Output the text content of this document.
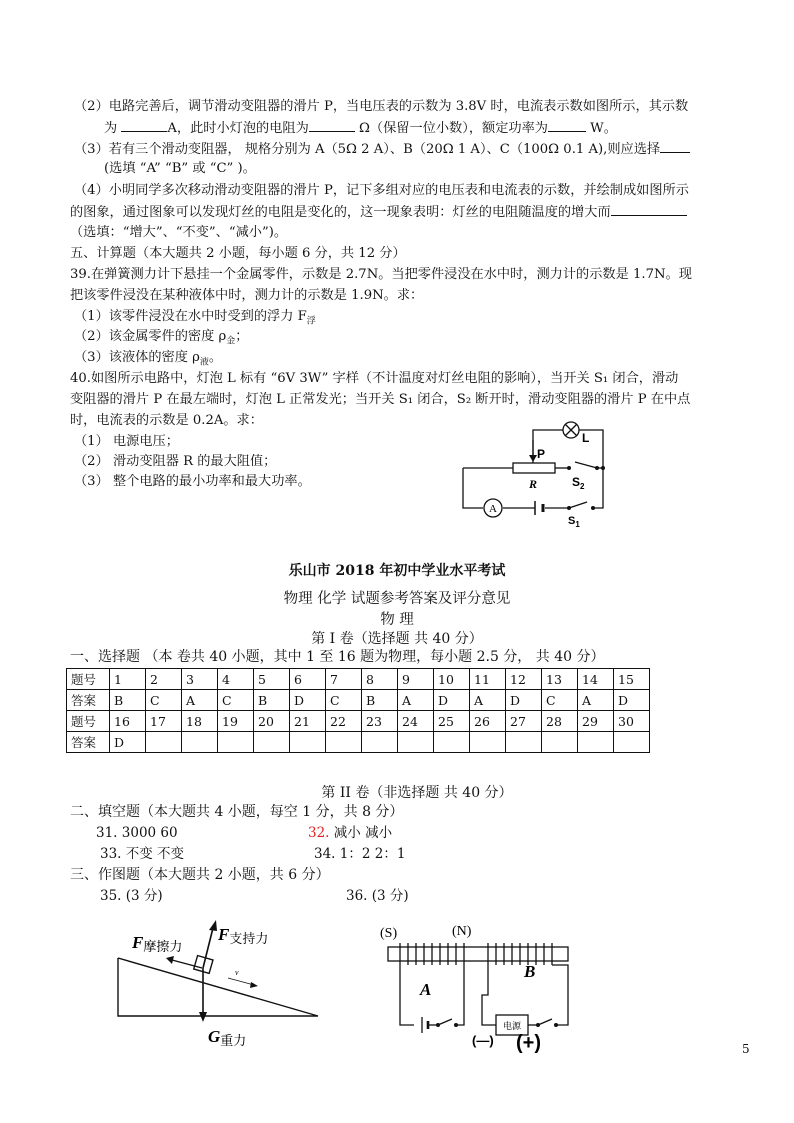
（2）电路完善后，调节滑动变阻器的滑片 P，当电压表的示数为 3.8V 时，电流表示数如图所示，其示数
为	A，此时小灯泡的电阻为	Ω（保留一位小数），额定功率为	W。
（3）若有三个滑动变阻器， 规格分别为 A（5Ω 2 A）、B（20Ω 1 A）、C（100Ω 0.1 A),则应选择
(选填 “A” “B” 或 “C” )。
（4）小明同学多次移动滑动变阻器的滑片 P，记下多组对应的电压表和电流表的示数，并绘制成如图所示
的图象，通过图象可以发现灯丝的电阻是变化的，这一现象表明：灯丝的电阻随温度的增大而
（选填：“增大”、“不变”、“减小”)。
五、计算题（本大题共 2 小题，每小题 6 分，共 12 分）
39.在弹簧测力计下悬挂一个金属零件，示数是 2.7N。当把零件浸没在水中时，测力计的示数是 1.7N。现
把该零件浸没在某种液体中时，测力计的示数是 1.9N。求：
（1）该零件浸没在水中时受到的浮力 $F_浮$
（2）该金属零件的密度 $\rho_金$；
（3）该液体的密度 $\rho_液$。
40.如图所示电路中，灯泡 L 标有 “6V 3W” 字样（不计温度对灯丝电阻的影响），当开关 S₁ 闭合，滑动
变阻器的滑片 P 在最左端时，灯泡 L 正常发光；当开关 S₁ 闭合，S₂ 断开时，滑动变阻器的滑片 P 在中点
时，电流表的示数是 0.2A。求：
（1） 电源电压；
（2） 滑动变阻器 R 的最大阻值；
（3） 整个电路的最小功率和最大功率。
A
L
P
R	$S_2$
$S_1$
乐山市 2018 年初中学业水平考试
物理 化学 试题参考答案及评分意见
物 理
第 I 卷（选择题 共 40 分）
一、选择题 （本 卷共 40 小题，其中 1 至 16 题为物理，每小题 2.5 分， 共 40 分）
题号	1	2	3	4	5	6	7	8	9	10	11	12	13	14	15
答案	B	C	A	C	B	D	C	B	A	D	A	D	C	A	D
题号	16	17	18	19	20	21	22	23	24	25	26	27	28	29	30
答案	D														
第 II 卷（非选择题 共 40 分）
二、填空题（本大题共 4 小题，每空 1 分，共 8 分）
31. 3000 60	32. 减小 减小
33. 不变 不变	34. 1：2 2：1
三、作图题（本大题共 2 小题，共 6 分）
35. (3 分)	36. (3 分)
v
F摩擦力
F支持力
G重力
(S)	(N)
电源
A
B
(—) (+)	5
